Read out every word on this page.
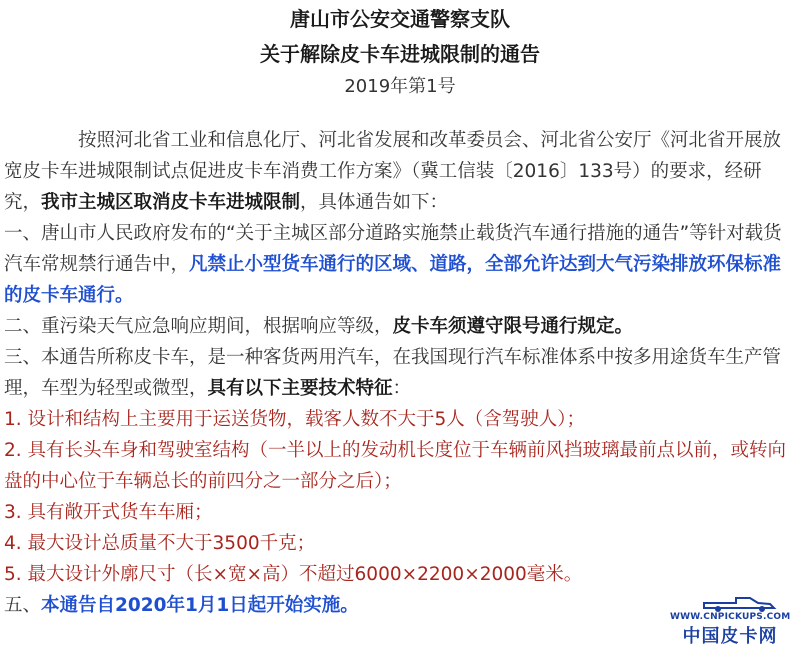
唐山市公安交通警察支队
关于解除皮卡车进城限制的通告
2019年第1号

按照河北省工业和信息化厅、河北省发展和改革委员会、河北省公安厅《河北省开展放宽皮卡车进城限制试点促进皮卡车消费工作方案》（冀工信装〔2016〕133号）的要求，经研究，我市主城区取消皮卡车进城限制，具体通告如下：

一、唐山市人民政府发布的“关于主城区部分道路实施禁止载货汽车通行措施的通告”等针对载货汽车常规禁行通告中，凡禁止小型货车通行的区域、道路，全部允许达到大气污染排放环保标准的皮卡车通行。

二、重污染天气应急响应期间，根据响应等级，皮卡车须遵守限号通行规定。

三、本通告所称皮卡车，是一种客货两用汽车，在我国现行汽车标准体系中按多用途货车生产管理，车型为轻型或微型，具有以下主要技术特征：

1. 设计和结构上主要用于运送货物，载客人数不大于5人（含驾驶人）；

2. 具有长头车身和驾驶室结构（一半以上的发动机长度位于车辆前风挡玻璃最前点以前，或转向盘的中心位于车辆总长的前四分之一部分之后）；

3. 具有敞开式货车车厢；

4. 最大设计总质量不大于3500千克；

5. 最大设计外廓尺寸（长×宽×高）不超过6000×2200×2000毫米。

五、本通告自2020年1月1日起开始实施。

WWW.CNPICKUPS.COM
中国皮卡网
